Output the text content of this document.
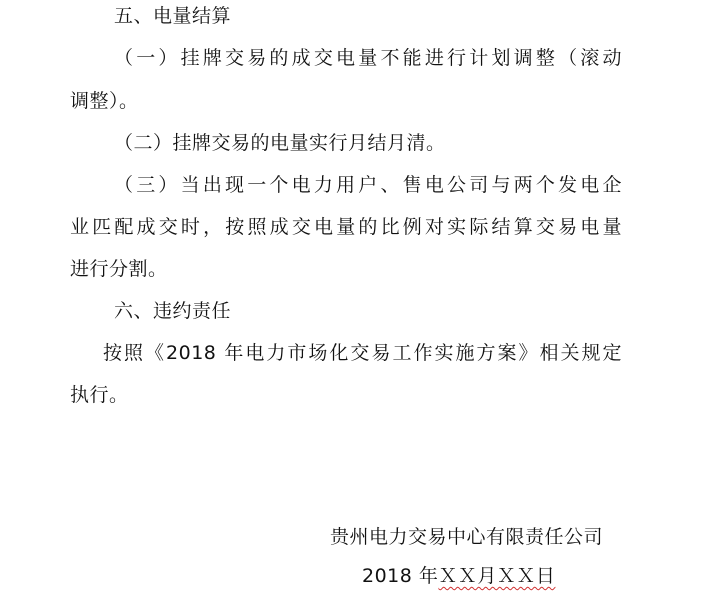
五、电量结算

（一）挂牌交易的成交电量不能进行计划调整（滚动

调整）。

（二）挂牌交易的电量实行月结月清。

（三）当出现一个电力用户、售电公司与两个发电企

业匹配成交时，按照成交电量的比例对实际结算交易电量

进行分割。

六、违约责任

按照《2018 年电力市场化交易工作实施方案》相关规定

执行。

贵州电力交易中心有限责任公司
2018 年ＸＸ月ＸＸ日
